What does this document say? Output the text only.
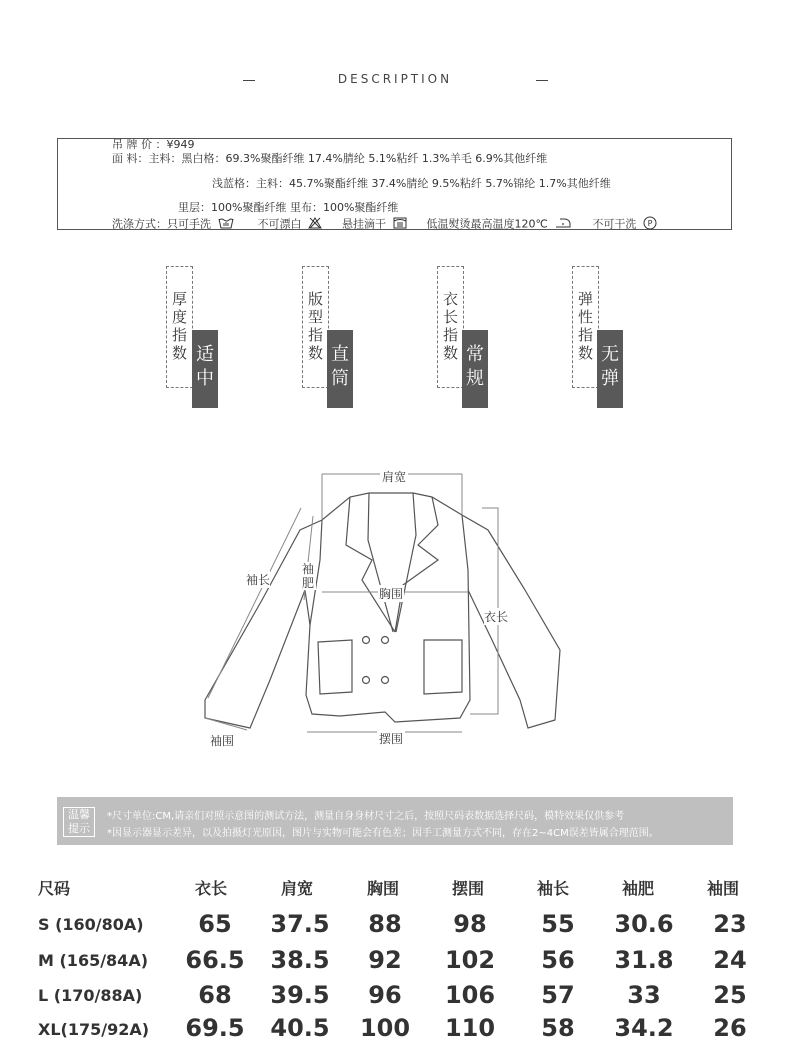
DESCRIPTION
吊 牌 价 ：¥949
面 料：主料：黑白格：69.3%聚酯纤维 17.4%腈纶 5.1%粘纤 1.3%羊毛 6.9%其他纤维
浅蓝格：主料：45.7%聚酯纤维 37.4%腈纶 9.5%粘纤 5.7%锦纶 1.7%其他纤维
里层：100%聚酯纤维 里布：100%聚酯纤维
洗涤方式：只可手洗	不可漂白	悬挂滴干	低温熨烫最高温度120℃	不可干洗 P
厚度指数 适中
版型指数 直筒
衣长指数 常规
弹性指数 无弹
肩宽
袖长
袖肥
胸围
衣长
袖围	摆围
温馨
提示
*尺寸单位:CM,请亲们对照示意图的测试方法，测量自身身材尺寸之后，按照尺码表数据选择尺码，模特效果仅供参考
*因显示器显示差异，以及拍摄灯光原因，图片与实物可能会有色差；因手工测量方式不同，存在2~4CM误差皆属合理范围。
尺码	衣长	肩宽	胸围	摆围	袖长	袖肥	袖围
S (160/80A)	65	37.5	88	98	55	30.6	23
M (165/84A)	66.5	38.5	92	102	56	31.8	24
L (170/88A)	68	39.5	96	106	57	33	25
XL(175/92A)	69.5	40.5	100	110	58	34.2	26
